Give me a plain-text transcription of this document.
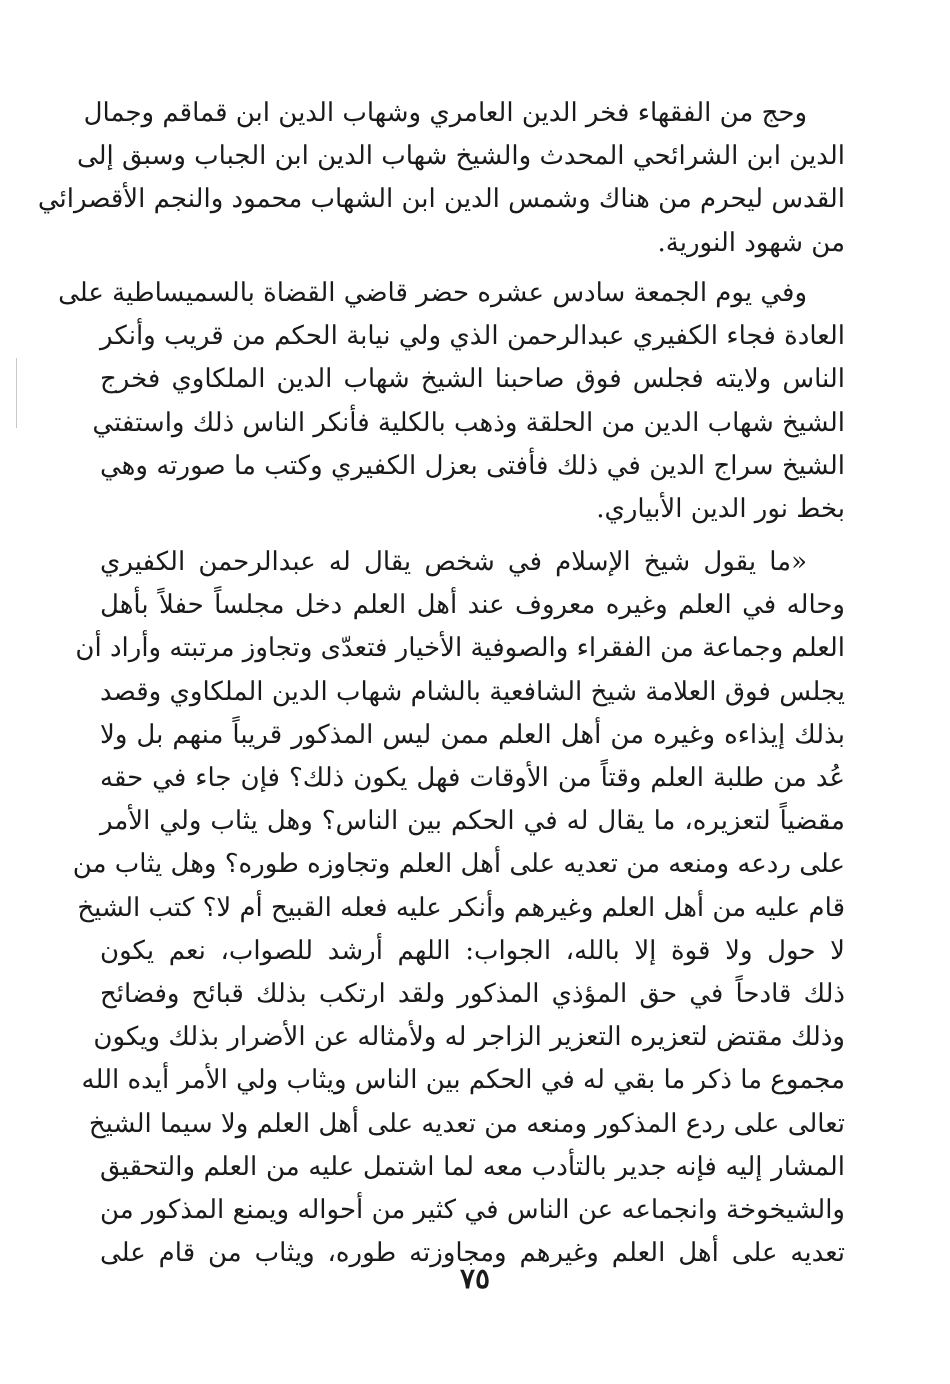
وحج من الفقهاء فخر الدين العامري وشهاب الدين ابن قماقم وجمال
الدين ابن الشرائحي المحدث والشيخ شهاب الدين ابن الجباب وسبق إلى
القدس ليحرم من هناك وشمس الدين ابن الشهاب محمود والنجم الأقصرائي
من شهود النورية.
وفي يوم الجمعة سادس عشره حضر قاضي القضاة بالسميساطية على
العادة فجاء الكفيري عبدالرحمن الذي ولي نيابة الحكم من قريب وأنكر
الناس ولايته فجلس فوق صاحبنا الشيخ شهاب الدين الملكاوي فخرج
الشيخ شهاب الدين من الحلقة وذهب بالكلية فأنكر الناس ذلك واستفتي
الشيخ سراج الدين في ذلك فأفتى بعزل الكفيري وكتب ما صورته وهي
بخط نور الدين الأبياري.
«ما يقول شيخ الإسلام في شخص يقال له عبدالرحمن الكفيري
وحاله في العلم وغيره معروف عند أهل العلم دخل مجلساً حفلاً بأهل
العلم وجماعة من الفقراء والصوفية الأخيار فتعدّى وتجاوز مرتبته وأراد أن
يجلس فوق العلامة شيخ الشافعية بالشام شهاب الدين الملكاوي وقصد
بذلك إيذاءه وغيره من أهل العلم ممن ليس المذكور قريباً منهم بل ولا
عُد من طلبة العلم وقتاً من الأوقات فهل يكون ذلك؟ فإن جاء في حقه
مقضياً لتعزيره، ما يقال له في الحكم بين الناس؟ وهل يثاب ولي الأمر
على ردعه ومنعه من تعديه على أهل العلم وتجاوزه طوره؟ وهل يثاب من
قام عليه من أهل العلم وغيرهم وأنكر عليه فعله القبيح أم لا؟ كتب الشيخ
لا حول ولا قوة إلا بالله، الجواب: اللهم أرشد للصواب، نعم يكون
ذلك قادحاً في حق المؤذي المذكور ولقد ارتكب بذلك قبائح وفضائح
وذلك مقتض لتعزيره التعزير الزاجر له ولأمثاله عن الأضرار بذلك ويكون
مجموع ما ذكر ما بقي له في الحكم بين الناس ويثاب ولي الأمر أيده الله
تعالى على ردع المذكور ومنعه من تعديه على أهل العلم ولا سيما الشيخ
المشار إليه فإنه جدير بالتأدب معه لما اشتمل عليه من العلم والتحقيق
والشيخوخة وانجماعه عن الناس في كثير من أحواله ويمنع المذكور من
تعديه على أهل العلم وغيرهم ومجاوزته طوره، ويثاب من قام على
٧٥
